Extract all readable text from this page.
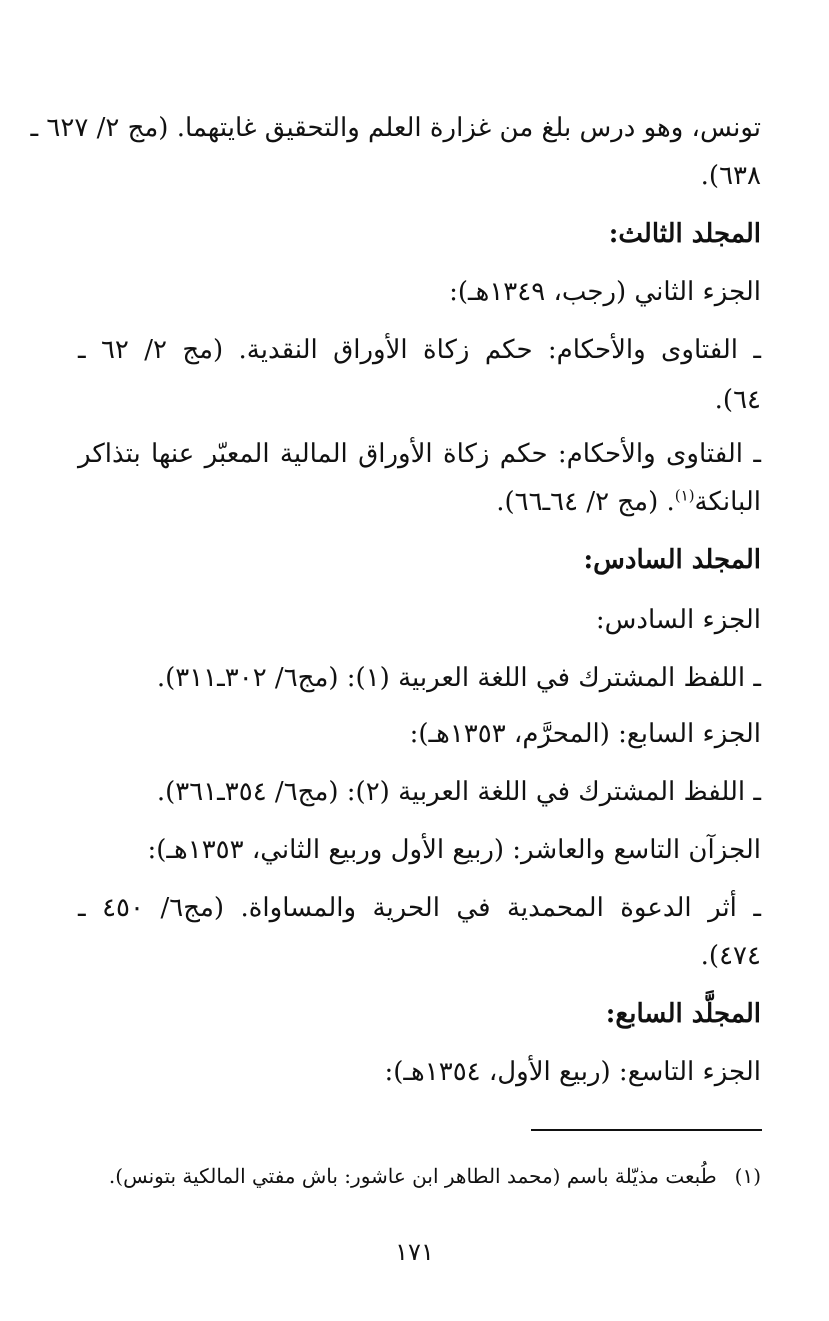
تونس، وهو درس بلغ من غزارة العلم والتحقيق غايتهما. (مج ٢/ ٦٢٧ ـ
٦٣٨).
المجلد الثالث:
الجزء الثاني (رجب، ١٣٤٩هـ):
ـ الفتاوى والأحكام: حكم زكاة الأوراق النقدية. (مج ٢/ ٦٢ ـ
٦٤).
ـ الفتاوى والأحكام: حكم زكاة الأوراق المالية المعبّر عنها بتذاكر
البانكة$^{(١)}$. (مج ٢/ ٦٤ـ٦٦).
المجلد السادس:
الجزء السادس:
ـ اللفظ المشترك في اللغة العربية (١): (مج٦/ ٣٠٢ـ٣١١).
الجزء السابع: (المحرَّم، ١٣٥٣هـ):
ـ اللفظ المشترك في اللغة العربية (٢): (مج٦/ ٣٥٤ـ٣٦١).
الجزآن التاسع والعاشر: (ربيع الأول وربيع الثاني، ١٣٥٣هـ):
ـ أثر الدعوة المحمدية في الحرية والمساواة. (مج٦/ ٤٥٠ ـ
٤٧٤).
المجلَّد السابع:
الجزء التاسع: (ربيع الأول، ١٣٥٤هـ):
(١)طُبعت مذيّلة باسم (محمد الطاهر ابن عاشور: باش مفتي المالكية بتونس).
١٧١
